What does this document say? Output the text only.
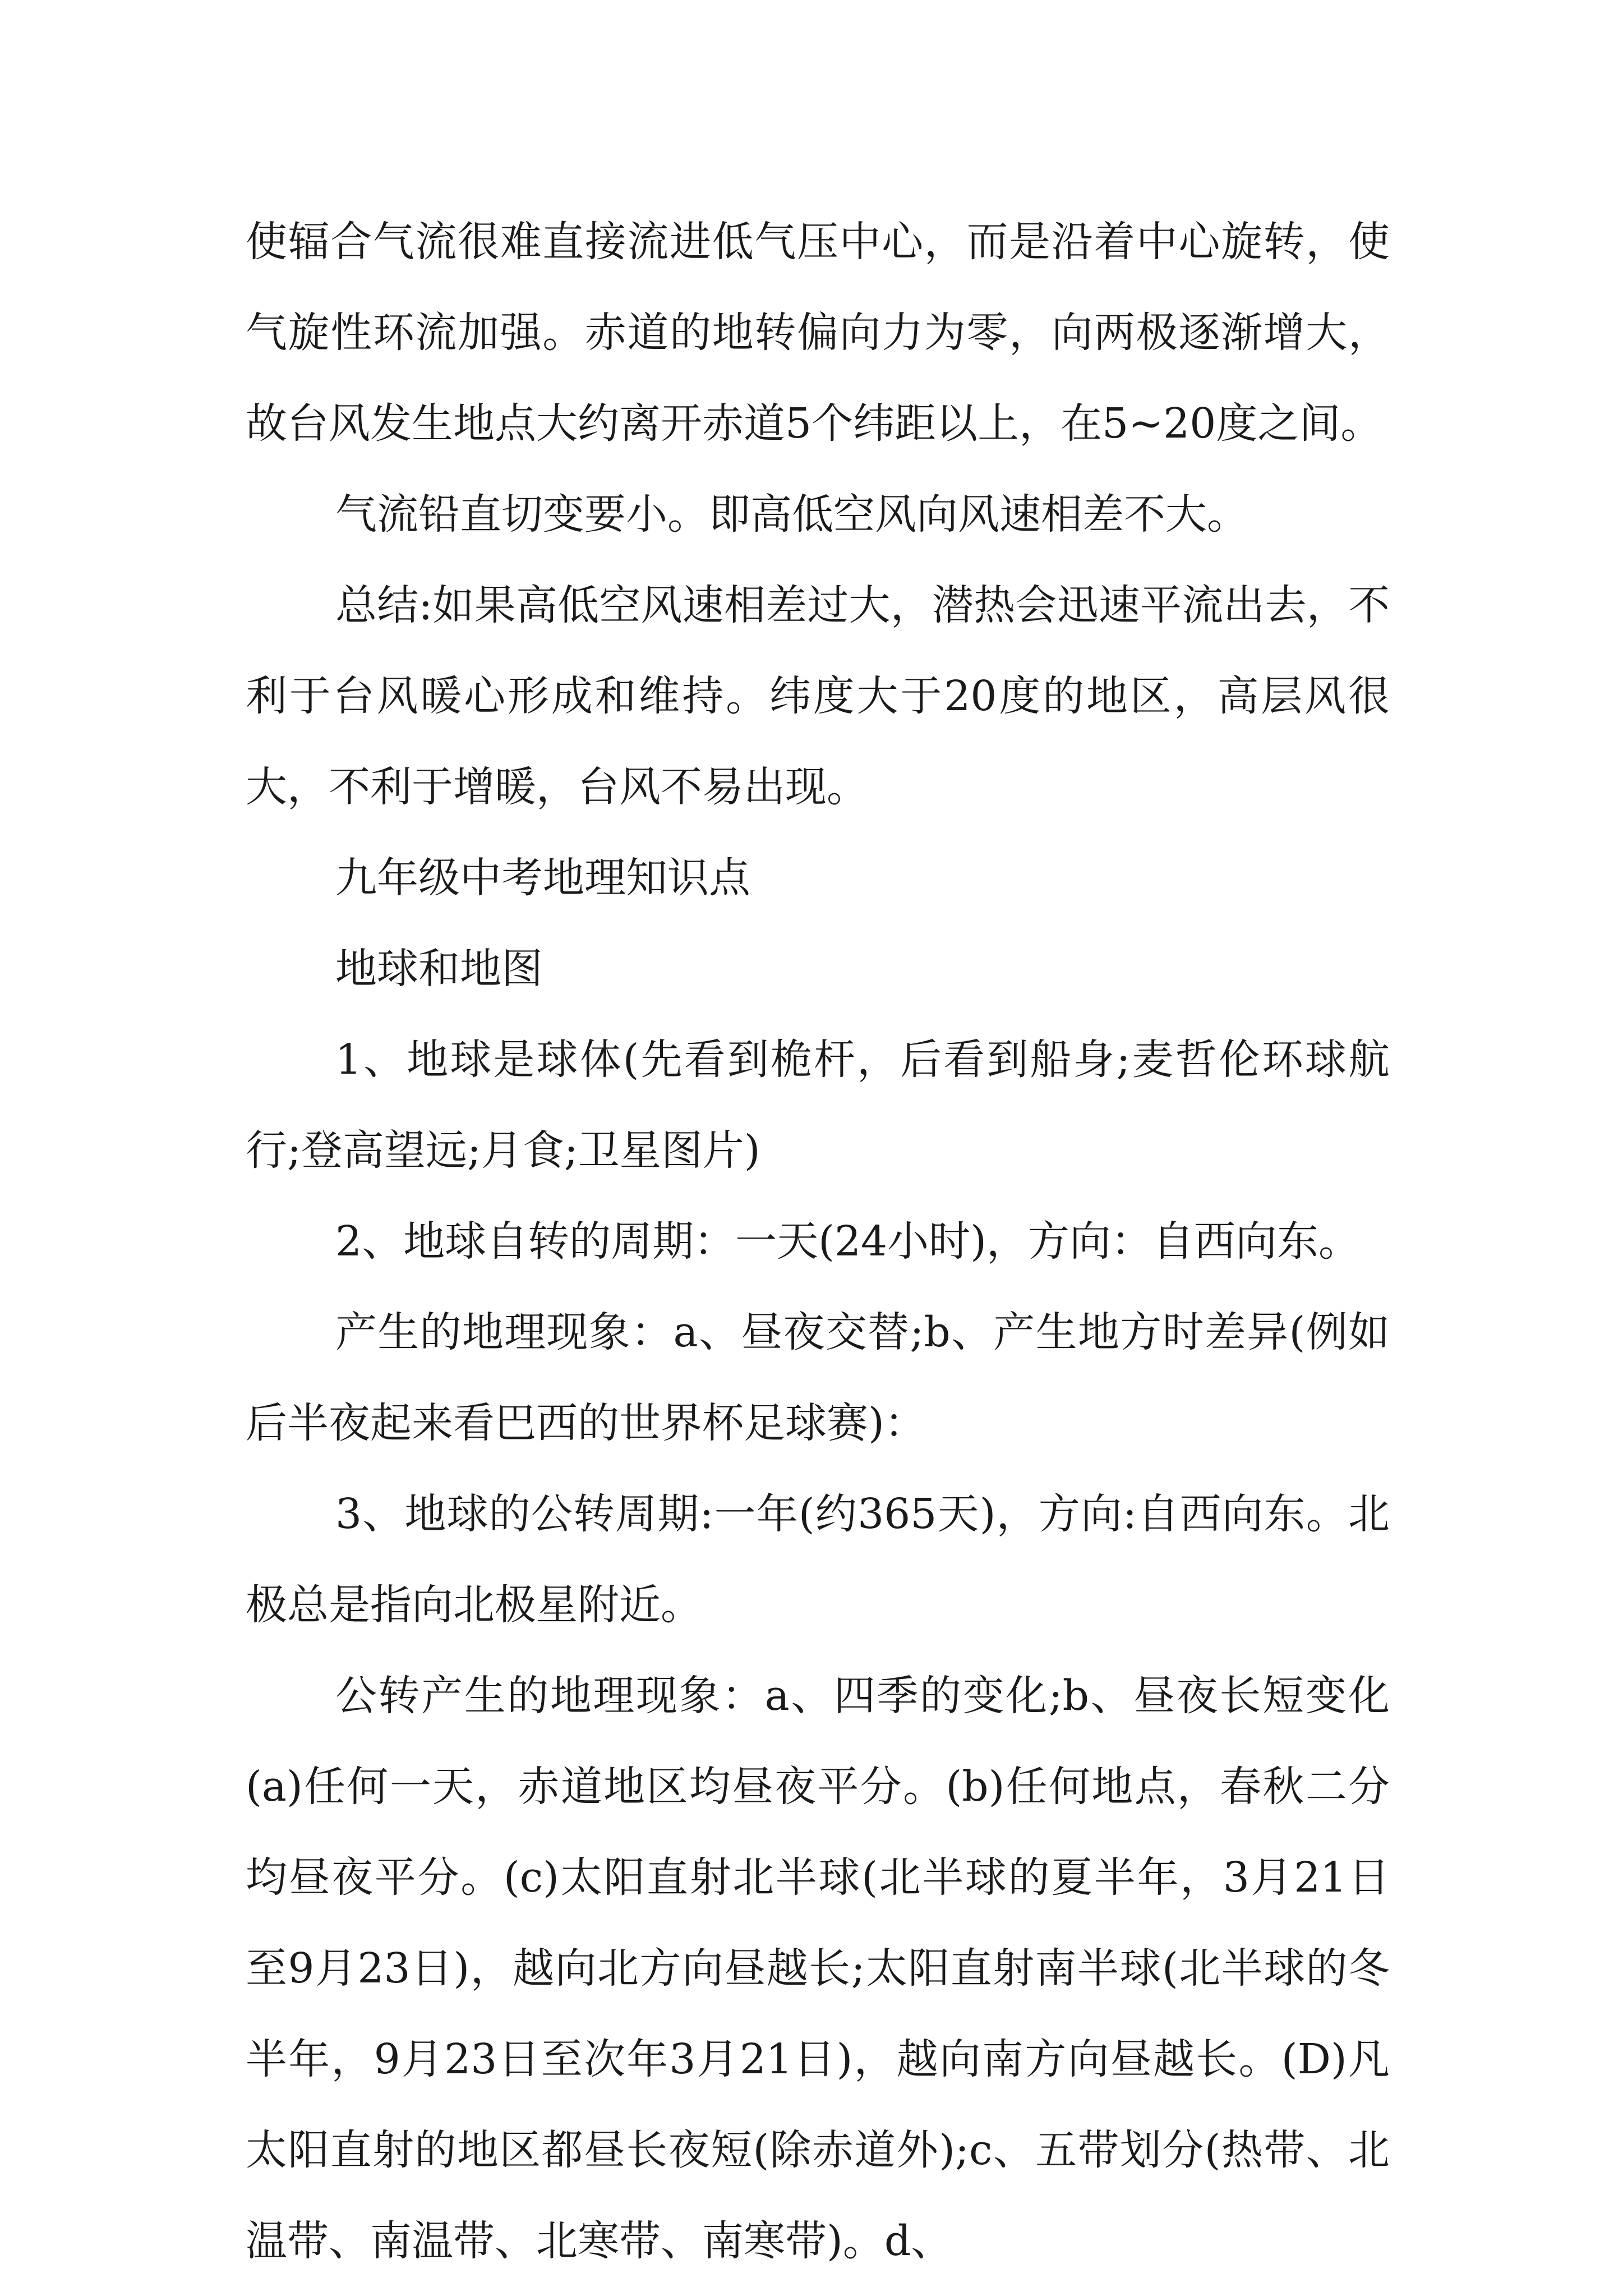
使辐合气流很难直接流进低气压中心，而是沿着中心旋转，使气旋性环流加强。赤道的地转偏向力为零，向两极逐渐增大，故台风发生地点大约离开赤道5个纬距以上，在5~20度之间。

气流铅直切变要小。即高低空风向风速相差不大。

总结:如果高低空风速相差过大，潜热会迅速平流出去，不利于台风暖心形成和维持。纬度大于20度的地区，高层风很大，不利于增暖，台风不易出现。

九年级中考地理知识点

地球和地图

1、地球是球体(先看到桅杆，后看到船身;麦哲伦环球航行;登高望远;月食;卫星图片)

2、地球自转的周期：一天(24小时)，方向：自西向东。

产生的地理现象：a、昼夜交替;b、产生地方时差异(例如后半夜起来看巴西的世界杯足球赛)：

3、地球的公转周期:一年(约365天)，方向:自西向东。北极总是指向北极星附近。

公转产生的地理现象：a、四季的变化;b、昼夜长短变化(a)任何一天，赤道地区均昼夜平分。(b)任何地点，春秋二分均昼夜平分。(c)太阳直射北半球(北半球的夏半年，3月21日至9月23日)，越向北方向昼越长;太阳直射南半球(北半球的冬半年，9月23日至次年3月21日)，越向南方向昼越长。(D)凡太阳直射的地区都昼长夜短(除赤道外);c、五带划分(热带、北温带、南温带、北寒带、南寒带)。d、
